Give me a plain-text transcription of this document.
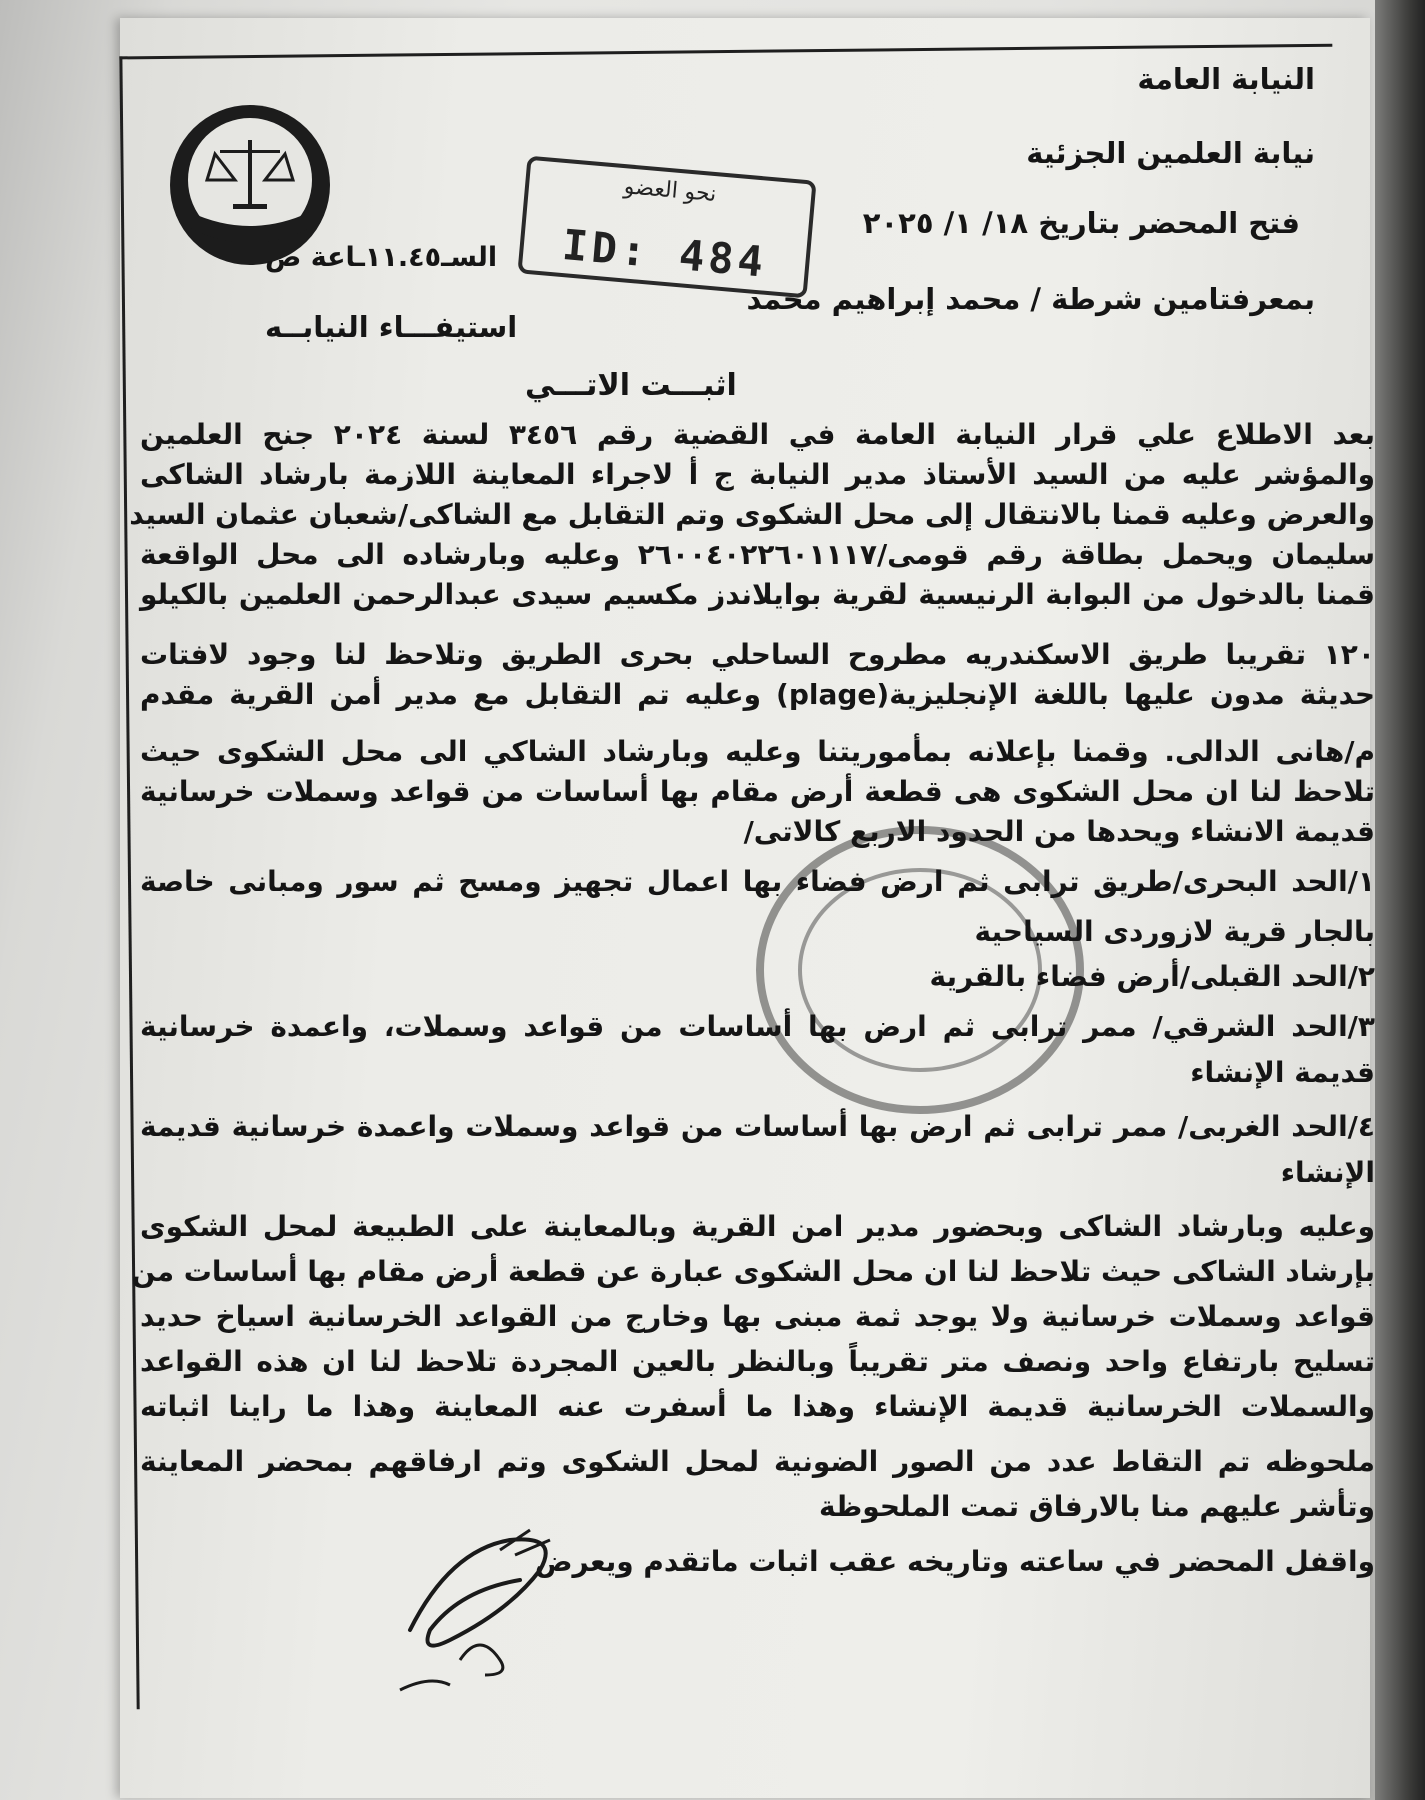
نحو العضو
ID: 484
النيابة العامة
نيابة العلمين الجزئية
فتح المحضر بتاريخ ١٨/ ١/ ٢٠٢٥
السـ١١.٤٥ـاعة ص
بمعرفتامين شرطة / محمد إبراهيم محمد
استيفـــاء النيابــه
اثبـــت الاتـــي
بعد الاطلاع علي قرار النيابة العامة في القضية رقم ٣٤٥٦ لسنة ٢٠٢٤ جنح العلمين
والمؤشر عليه من السيد الأستاذ مدير النيابة ج أ لاجراء المعاينة اللازمة بارشاد الشاكى
والعرض وعليه قمنا بالانتقال إلى محل الشكوى وتم التقابل مع الشاكى/شعبان عثمان السيد
سليمان ويحمل بطاقة رقم قومى/٢٦٠٠٤٠٢٢٦٠١١١٧ وعليه وبارشاده الى محل الواقعة
قمنا بالدخول من البوابة الرنيسية لقرية بوايلاندز مكسيم سيدى عبدالرحمن العلمين بالكيلو
١٢٠ تقريبا طريق الاسكندريه مطروح الساحلي بحرى الطريق وتلاحظ لنا وجود لافتات
حديثة مدون عليها باللغة الإنجليزية(plage) وعليه تم التقابل مع مدير أمن القرية مقدم
م/هانى الدالى. وقمنا بإعلانه بمأموريتنا وعليه وبارشاد الشاكي الى محل الشكوى حيث
تلاحظ لنا ان محل الشكوى هى قطعة أرض مقام بها أساسات من قواعد وسملات خرسانية
قديمة الانشاء ويحدها من الحدود الاربع كالاتى/
١/الحد البحرى/طريق ترابى ثم ارض فضاء بها اعمال تجهيز ومسح ثم سور ومبانى خاصة
بالجار قرية لازوردى السياحية
٢/الحد القبلى/أرض فضاء بالقرية
٣/الحد الشرقي/ ممر ترابى ثم ارض بها أساسات من قواعد وسملات، واعمدة خرسانية
قديمة الإنشاء
٤/الحد الغربى/ ممر ترابى ثم ارض بها أساسات من قواعد وسملات واعمدة خرسانية قديمة
الإنشاء
وعليه وبارشاد الشاكى وبحضور مدير امن القرية وبالمعاينة على الطبيعة لمحل الشكوى
بإرشاد الشاكى حيث تلاحظ لنا ان محل الشكوى عبارة عن قطعة أرض مقام بها أساسات من
قواعد وسملات خرسانية ولا يوجد ثمة مبنى بها وخارج من القواعد الخرسانية اسياخ حديد
تسليح بارتفاع واحد ونصف متر تقريباً وبالنظر بالعين المجردة تلاحظ لنا ان هذه القواعد
والسملات الخرسانية قديمة الإنشاء وهذا ما أسفرت عنه المعاينة وهذا ما راينا اثباته
ملحوظه تم التقاط عدد من الصور الضونية لمحل الشكوى وتم ارفاقهم بمحضر المعاينة
وتأشر عليهم منا بالارفاق تمت الملحوظة
واقفل المحضر في ساعته وتاريخه عقب اثبات ماتقدم ويعرض
